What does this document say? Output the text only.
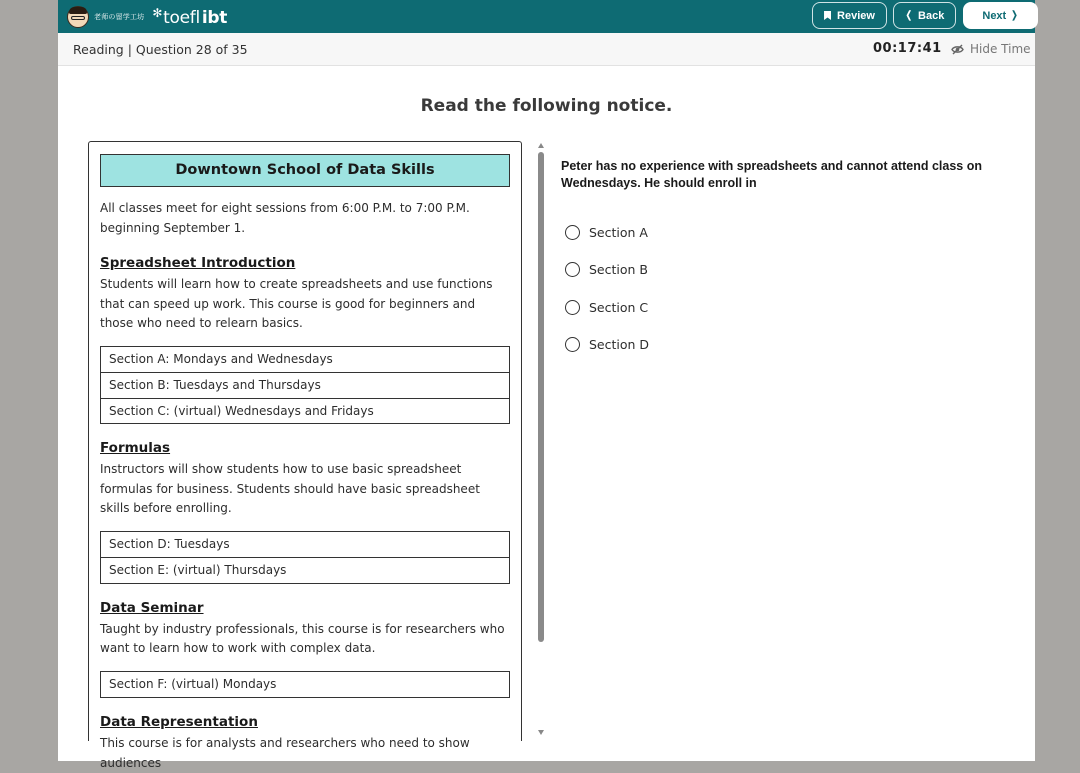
老师の留学工坊 ✻toefl ibt	Review	❬ Back	Next ❭
Reading | Question 28 of 35	00:17:41 Hide Time
Read the following notice.
Downtown School of Data Skills

All classes meet for eight sessions from 6:00 P.M. to 7:00 P.M. beginning September 1.

Spreadsheet Introduction

Students will learn how to create spreadsheets and use functions that can speed up work. This course is good for beginners and those who need to relearn basics.

Section A: Mondays and Wednesdays
Section B: Tuesdays and Thursdays
Section C: (virtual) Wednesdays and Fridays

Formulas

Instructors will show students how to use basic spreadsheet formulas for business. Students should have basic spreadsheet skills before enrolling.

Section D: Tuesdays
Section E: (virtual) Thursdays

Data Seminar

Taught by industry professionals, this course is for researchers who want to learn how to work with complex data.

Section F: (virtual) Mondays

Data Representation

This course is for analysts and researchers who need to show audiences

Peter has no experience with spreadsheets and cannot attend class on Wednesdays. He should enroll in
Section A
Section B
Section C
Section D
